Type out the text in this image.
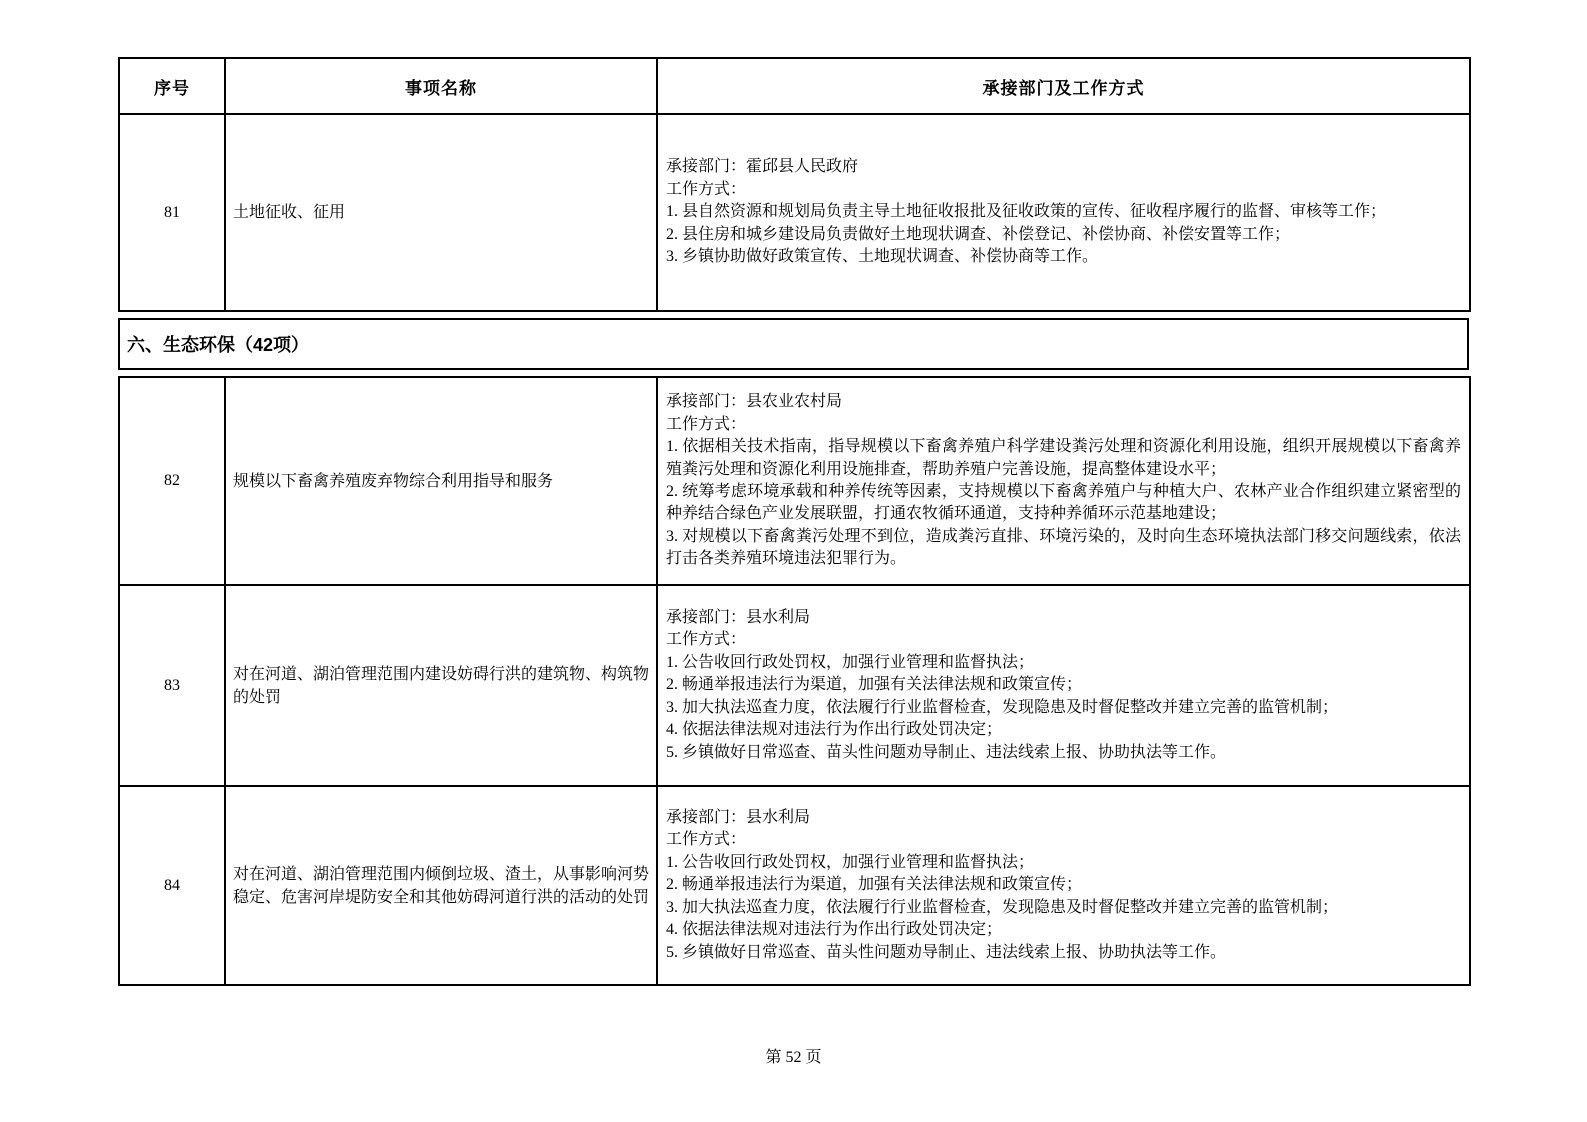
序号	事项名称	承接部门及工作方式
81	土地征收、征用	承接部门：霍邱县人民政府
工作方式：
1. 县自然资源和规划局负责主导土地征收报批及征收政策的宣传、征收程序履行的监督、审核等工作；
2. 县住房和城乡建设局负责做好土地现状调查、补偿登记、补偿协商、补偿安置等工作；
3. 乡镇协助做好政策宣传、土地现状调查、补偿协商等工作。
六、生态环保（42项）
82	规模以下畜禽养殖废弃物综合利用指导和服务	承接部门：县农业农村局
工作方式：
1. 依据相关技术指南，指导规模以下畜禽养殖户科学建设粪污处理和资源化利用设施，组织开展规模以下畜禽养殖粪污处理和资源化利用设施排查，帮助养殖户完善设施，提高整体建设水平；
2. 统筹考虑环境承载和种养传统等因素，支持规模以下畜禽养殖户与种植大户、农林产业合作组织建立紧密型的种养结合绿色产业发展联盟，打通农牧循环通道，支持种养循环示范基地建设；
3. 对规模以下畜禽粪污处理不到位，造成粪污直排、环境污染的，及时向生态环境执法部门移交问题线索，依法打击各类养殖环境违法犯罪行为。

83	对在河道、湖泊管理范围内建设妨碍行洪的建筑物、构筑物的处罚	
承接部门：县水利局
工作方式：
1. 公告收回行政处罚权，加强行业管理和监督执法；
2. 畅通举报违法行为渠道，加强有关法律法规和政策宣传；
3. 加大执法巡查力度，依法履行行业监督检查，发现隐患及时督促整改并建立完善的监管机制；
4. 依据法律法规对违法行为作出行政处罚决定；
5. 乡镇做好日常巡查、苗头性问题劝导制止、违法线索上报、协助执法等工作。

84	对在河道、湖泊管理范围内倾倒垃圾、渣土，从事影响河势稳定、危害河岸堤防安全和其他妨碍河道行洪的活动的处罚	
承接部门：县水利局
工作方式：
1. 公告收回行政处罚权，加强行业管理和监督执法；
2. 畅通举报违法行为渠道，加强有关法律法规和政策宣传；
3. 加大执法巡查力度，依法履行行业监督检查，发现隐患及时督促整改并建立完善的监管机制；
4. 依据法律法规对违法行为作出行政处罚决定；
5. 乡镇做好日常巡查、苗头性问题劝导制止、违法线索上报、协助执法等工作。
第 52 页
